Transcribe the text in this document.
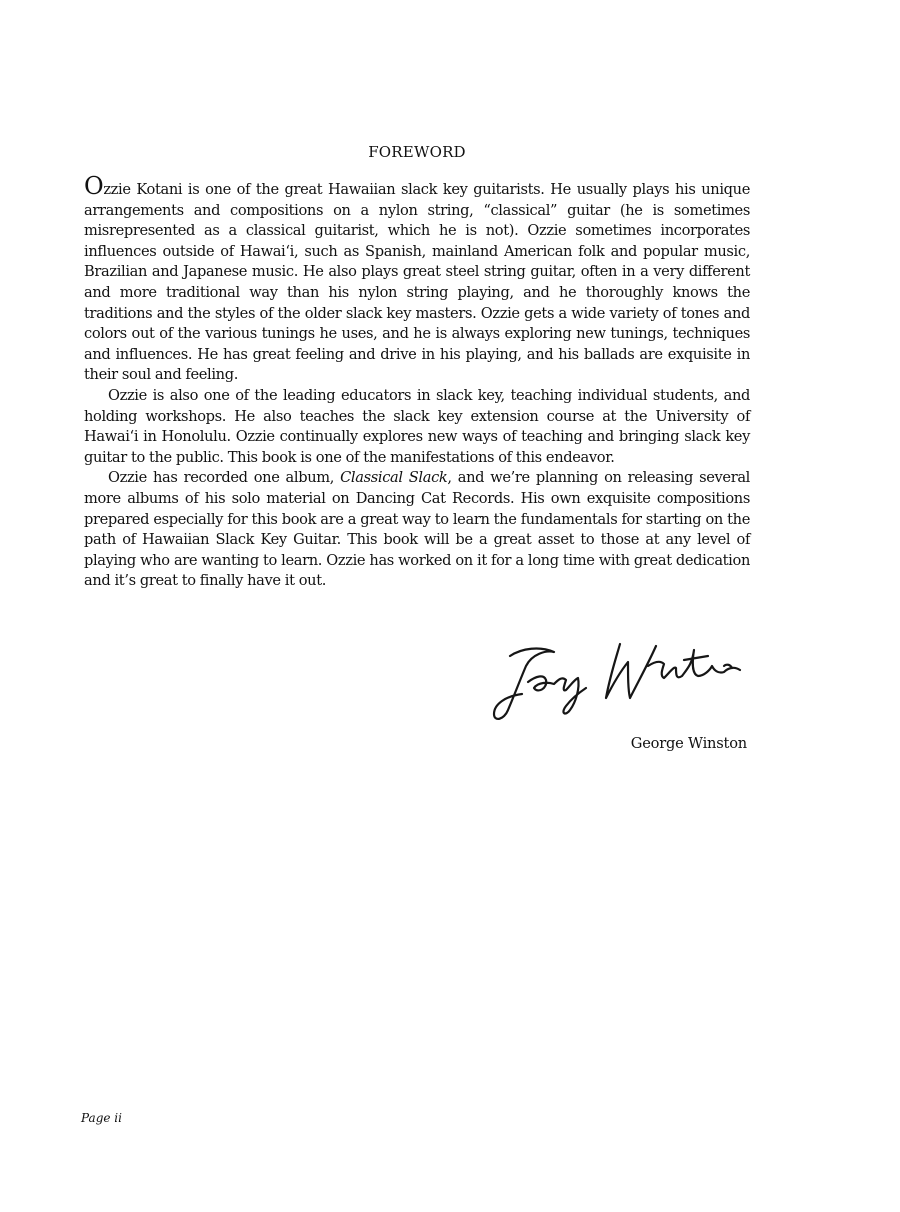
FOREWORD

Ozzie Kotani is one of the great Hawaiian slack key guitarists. He usually plays his unique arrangements and compositions on a nylon string, “classical” guitar (he is sometimes misrepresented as a classical guitarist, which he is not). Ozzie sometimes incorporates influences outside of Hawai‘i, such as Spanish, mainland American folk and popular music, Brazilian and Japanese music. He also plays great steel string guitar, often in a very different and more traditional way than his nylon string playing, and he thoroughly knows the traditions and the styles of the older slack key masters. Ozzie gets a wide variety of tones and colors out of the various tunings he uses, and he is always exploring new tunings, techniques and influences. He has great feeling and drive in his playing, and his ballads are exquisite in their soul and feeling.

Ozzie is also one of the leading educators in slack key, teaching individual students, and holding workshops. He also teaches the slack key extension course at the University of Hawai‘i in Honolulu. Ozzie continually explores new ways of teaching and bringing slack key guitar to the public. This book is one of the manifestations of this endeavor.

Ozzie has recorded one album, Classical Slack, and we’re planning on releasing several more albums of his solo material on Dancing Cat Records. His own exquisite compositions prepared especially for this book are a great way to learn the fundamentals for starting on the path of Hawaiian Slack Key Guitar. This book will be a great asset to those at any level of playing who are wanting to learn. Ozzie has worked on it for a long time with great dedication and it’s great to finally have it out.

George Winston
Page ii
